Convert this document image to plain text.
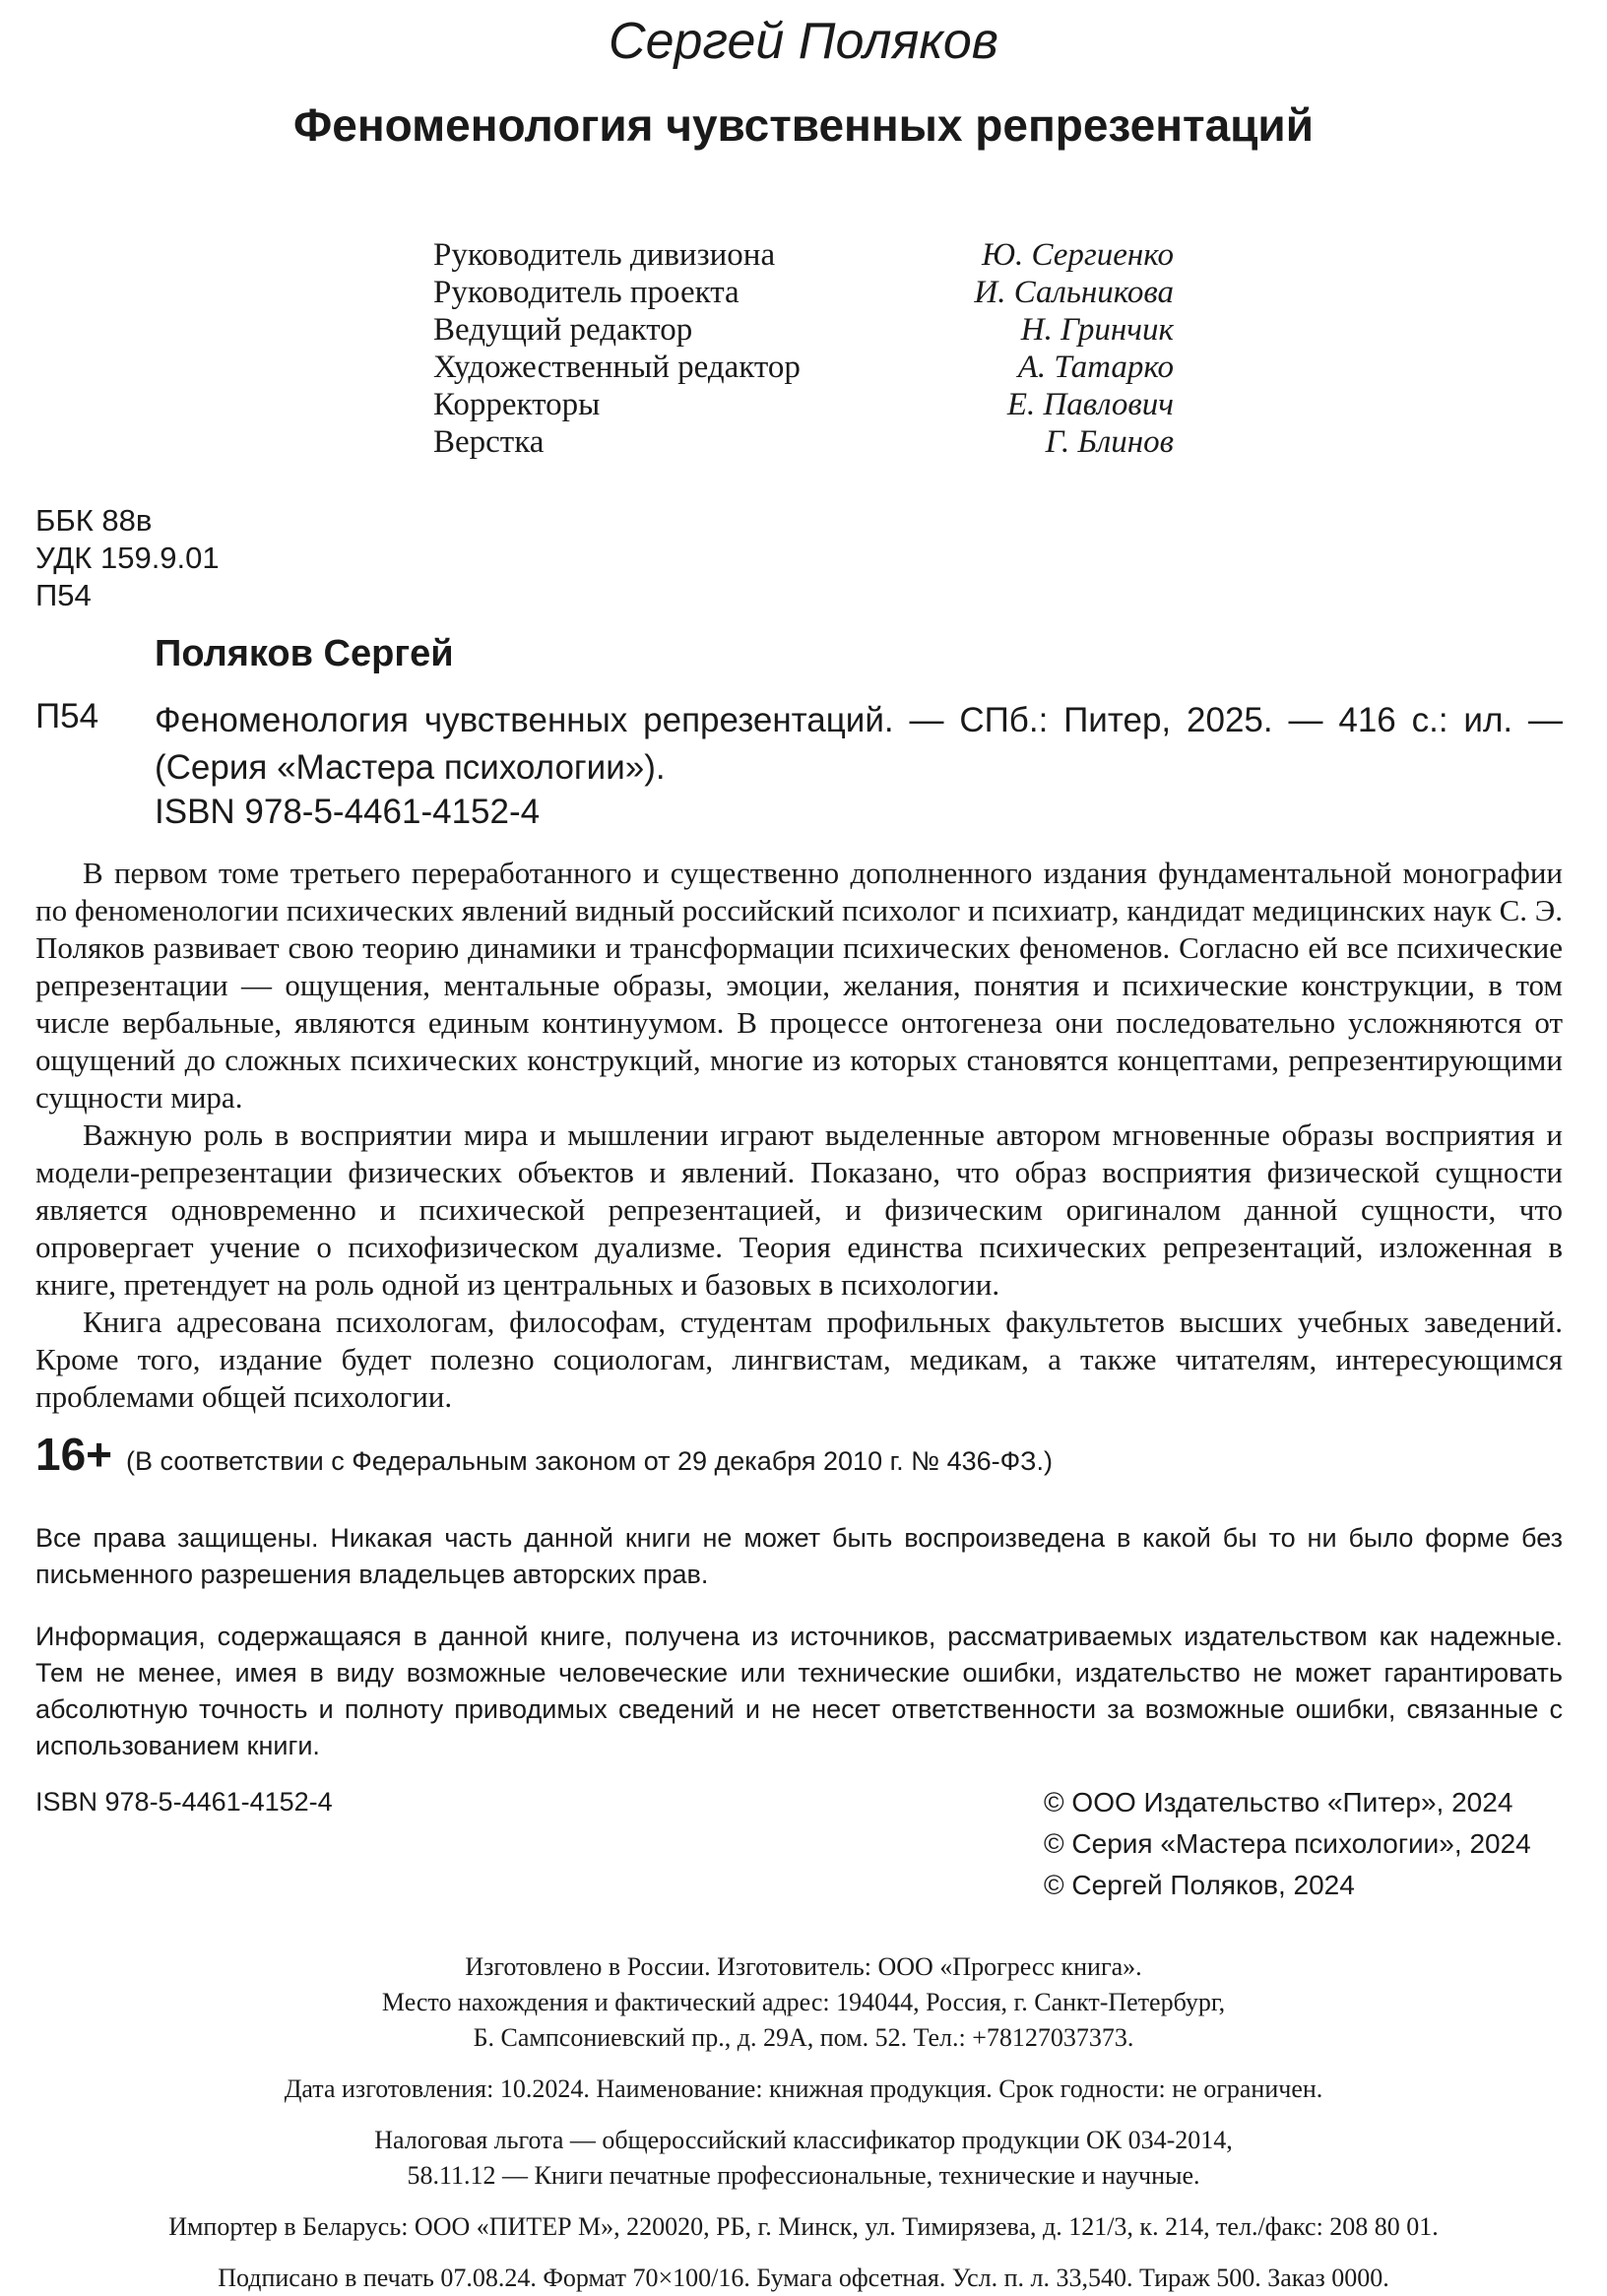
Сергей Поляков
Феноменология чувственных репрезентаций
Руководитель дивизиона	Ю. Сергиенко
Руководитель проекта	И. Сальникова
Ведущий редактор	Н. Гринчик
Художественный редактор	А. Татарко
Корректоры	Е. Павлович
Верстка	Г. Блинов
ББК 88в
УДК 159.9.01
П54
Поляков Сергей
П54 Феноменология чувственных репрезентаций. — СПб.: Питер, 2025. — 416 с.: ил. — (Серия «Мастера психологии»).
ISBN 978-5-4461-4152-4

В первом томе третьего переработанного и существенно дополненного издания фундаментальной монографии по феноменологии психических явлений видный российский психолог и психиатр, кандидат медицинских наук С. Э. Поляков развивает свою теорию динамики и трансформации психических феноменов. Согласно ей все психические репрезентации — ощущения, ментальные образы, эмоции, желания, понятия и психические конструкции, в том числе вербальные, являются единым континуумом. В процессе онтогенеза они последовательно усложняются от ощущений до сложных психических конструкций, многие из которых становятся концептами, репрезентирующими сущности мира.

Важную роль в восприятии мира и мышлении играют выделенные автором мгновенные образы восприятия и модели-репрезентации физических объектов и явлений. Показано, что образ восприятия физической сущности является одновременно и психической репрезентацией, и физическим оригиналом данной сущности, что опровергает учение о психофизическом дуализме. Теория единства психических репрезентаций, изложенная в книге, претендует на роль одной из центральных и базовых в психологии.

Книга адресована психологам, философам, студентам профильных факультетов высших учебных заведений. Кроме того, издание будет полезно социологам, лингвистам, медикам, а также читателям, интересующимся проблемами общей психологии.

16+ (В соответствии с Федеральным законом от 29 декабря 2010 г. № 436-ФЗ.)
Все права защищены. Никакая часть данной книги не может быть воспроизведена в какой бы то ни было форме без письменного разрешения владельцев авторских прав.
Информация, содержащаяся в данной книге, получена из источников, рассматриваемых издательством как надежные. Тем не менее, имея в виду возможные человеческие или технические ошибки, издательство не может гарантировать абсолютную точность и полноту приводимых сведений и не несет ответственности за возможные ошибки, связанные с использованием книги.
ISBN 978-5-4461-4152-4	© ООО Издательство «Питер», 2024
© Серия «Мастера психологии», 2024
© Сергей Поляков, 2024
Изготовлено в России. Изготовитель: ООО «Прогресс книга».
Место нахождения и фактический адрес: 194044, Россия, г. Санкт-Петербург,
Б. Сампсониевский пр., д. 29А, пом. 52. Тел.: +78127037373.
Дата изготовления: 10.2024. Наименование: книжная продукция. Срок годности: не ограничен.
Налоговая льгота — общероссийский классификатор продукции ОК 034-2014,
58.11.12 — Книги печатные профессиональные, технические и научные.
Импортер в Беларусь: ООО «ПИТЕР М», 220020, РБ, г. Минск, ул. Тимирязева, д. 121/3, к. 214, тел./факс: 208 80 01.
Подписано в печать 07.08.24. Формат 70×100/16. Бумага офсетная. Усл. п. л. 33,540. Тираж 500. Заказ 0000.
